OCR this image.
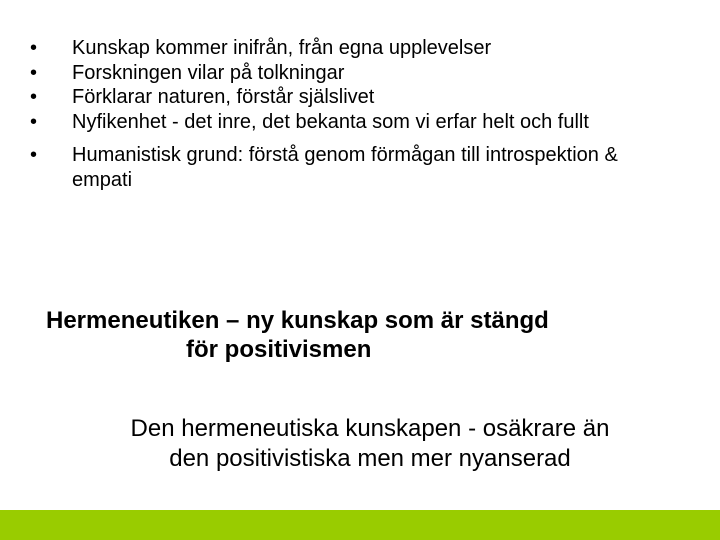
•	Kunskap kommer inifrån, från egna upplevelser
•	Forskningen vilar på tolkningar
•	Förklarar naturen, förstår själslivet
•	Nyfikenhet - det inre, det bekanta som vi erfar helt och fullt
•	Humanistisk grund: förstå genom förmågan till introspektion & empati
Hermeneutiken – ny kunskap som är stängd
för positivismen
Den hermeneutiska kunskapen - osäkrare än
den positivistiska men mer nyanserad
